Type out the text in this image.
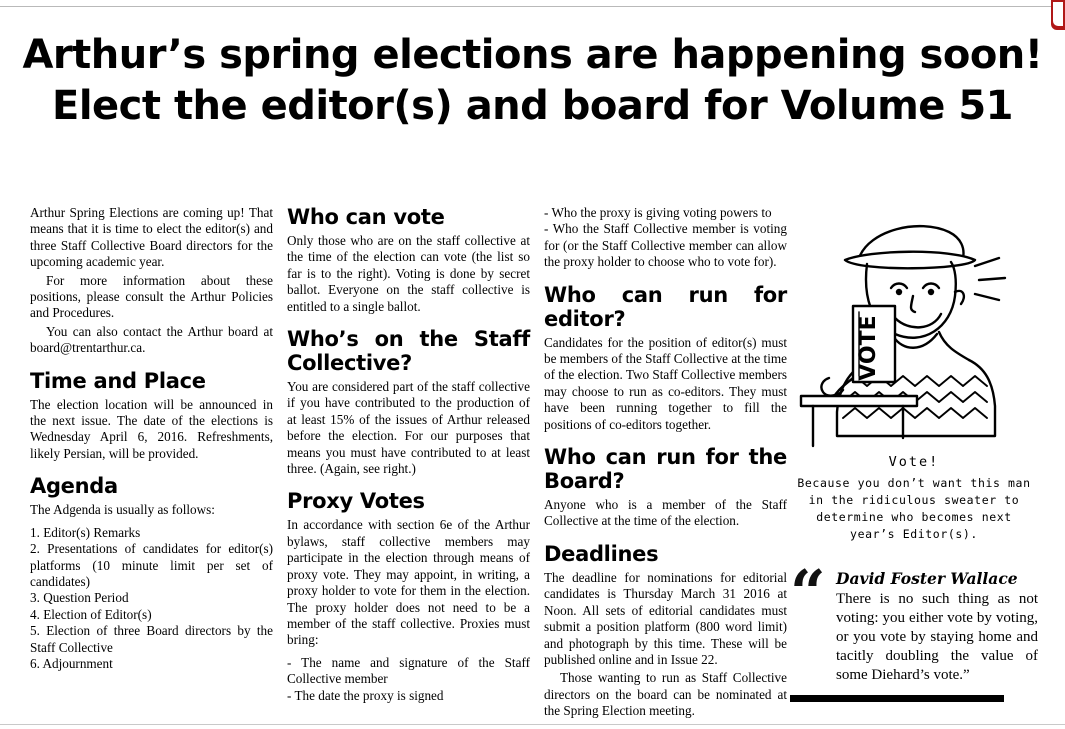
Arthur’s spring elections are happening soon!
Elect the editor(s) and board for Volume 51

Arthur Spring Elections are coming up! That means that it is time to elect the editor(s) and three Staff Collective Board directors for the upcoming academic year.

For more information about these positions, please consult the Arthur Policies and Procedures.

You can also contact the Arthur board at board@trentarthur.ca.

Time and Place

The election location will be announced in the next issue. The date of the elections is Wednesday April 6, 2016. Refreshments, likely Persian, will be provided.

Agenda

The Adgenda is usually as follows:

1. Editor(s) Remarks
2. Presentations of candidates for editor(s) platforms (10 minute limit per set of candidates)
3. Question Period
4. Election of Editor(s)
5. Election of three Board directors by the Staff Collective
6. Adjournment
Who can vote

Only those who are on the staff collective at the time of the election can vote (the list so far is to the right). Voting is done by secret ballot. Everyone on the staff collective is entitled to a single ballot.

Who’s on the Staff Collective?

You are considered part of the staff collective if you have contributed to the production of at least 15% of the issues of Arthur released before the election. For our purposes that means you must have contributed to at least three. (Again, see right.)

Proxy Votes

In accordance with section 6e of the Arthur bylaws, staff collective members may participate in the election through means of proxy vote. They may appoint, in writing, a proxy holder to vote for them in the election. The proxy holder does not need to be a member of the staff collective. Proxies must bring:

- The name and signature of the Staff Collective member
- The date the proxy is signed
- Who the proxy is giving voting powers to
- Who the Staff Collective member is voting for (or the Staff Collective member can allow the proxy holder to choose who to vote for).
Who can run for editor?

Candidates for the position of editor(s) must be members of the Staff Collective at the time of the election. Two Staff Collective members may choose to run as co-editors. They must have been running together to fill the positions of co-editors together.

Who can run for the Board?

Anyone who is a member of the Staff Collective at the time of the election.

Deadlines

The deadline for nominations for editorial candidates is Thursday March 31 2016 at Noon. All sets of editorial candidates must submit a position platform (800 word limit) and photograph by this time. These will be published online and in Issue 22.

Those wanting to run as Staff Collective directors on the board can be nominated at the Spring Election meeting.

VOTE
Vote!
Because you don’t want this man in the ridiculous sweater to determine who becomes next year’s Editor(s).
“ David Foster Wallace
There is no such thing as not voting: you either vote by voting, or you vote by staying home and tacitly doubling the value of some Diehard’s vote.”
